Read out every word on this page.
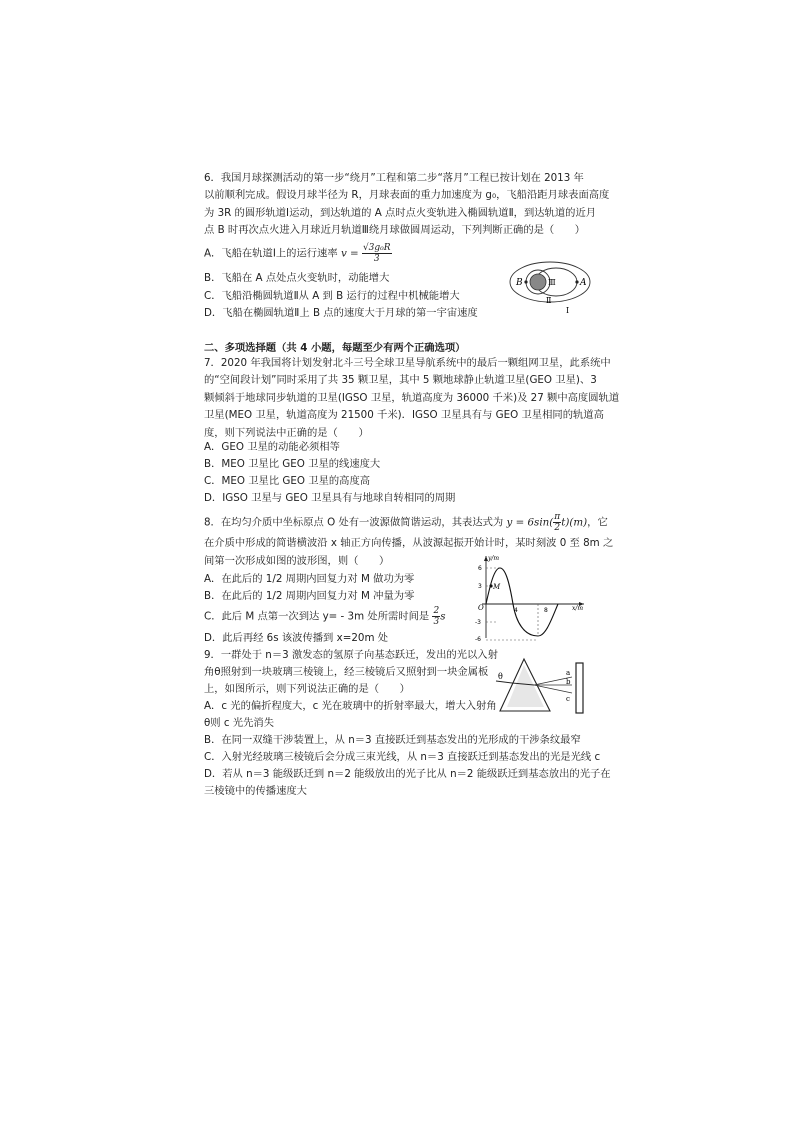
6．我国月球探测活动的第一步“绕月”工程和第二步“落月”工程已按计划在 2013 年
以前顺利完成。假设月球半径为 R，月球表面的重力加速度为 g₀，飞船沿距月球表面高度
为 3R 的圆形轨道Ⅰ运动，到达轨道的 A 点时点火变轨进入椭圆轨道Ⅱ，到达轨道的近月
点 B 时再次点火进入月球近月轨道Ⅲ绕月球做圆周运动，下列判断正确的是（　　）
A．飞船在轨道Ⅰ上的运行速率 $v = \frac{\text{√3g₀R}}{3}$
B．飞船在 A 点处点火变轨时，动能增大
C．飞船沿椭圆轨道Ⅱ从 A 到 B 运行的过程中机械能增大
D．飞船在椭圆轨道Ⅱ上 B 点的速度大于月球的第一宇宙速度
B	A
Ⅲ
Ⅱ
Ⅰ
二、多项选择题（共 4 小题，每题至少有两个正确选项）
7．2020 年我国将计划发射北斗三号全球卫星导航系统中的最后一颗组网卫星，此系统中
的“空间段计划”同时采用了共 35 颗卫星，其中 5 颗地球静止轨道卫星(GEO 卫星)、3
颗倾斜于地球同步轨道的卫星(IGSO 卫星，轨道高度为 36000 千米)及 27 颗中高度圆轨道
卫星(MEO 卫星，轨道高度为 21500 千米)．IGSO 卫星具有与 GEO 卫星相同的轨道高
度，则下列说法中正确的是（　　）
A．GEO 卫星的动能必须相等
B．MEO 卫星比 GEO 卫星的线速度大
C．MEO 卫星比 GEO 卫星的高度高
D．IGSO 卫星与 GEO 卫星具有与地球自转相同的周期
8．在均匀介质中坐标原点 O 处有一波源做简谐运动，其表达式为 $y = 6\sin( \frac{\pi}{2} t)(m)$，它
在介质中形成的简谐横波沿 x 轴正方向传播，从波源起振开始计时，某时刻波 0 至 8m 之
间第一次形成如图的波形图，则（　　）
A．在此后的 1/2 周期内回复力对 M 做功为零
B．在此后的 1/2 周期内回复力对 M 冲量为零
C．此后 M 点第一次到达 y= - 3m 处所需时间是 $\frac{2}{3}$ s
D．此后再经 6s 该波传播到 x=20m 处
M
y/m
x/m
O
6
3
-3
-6
4	8
9．一群处于 n＝3 激发态的氢原子向基态跃迁，发出的光以入射
角θ照射到一块玻璃三棱镜上，经三棱镜后又照射到一块金属板
上，如图所示，则下列说法正确的是（　　）
A．c 光的偏折程度大，c 光在玻璃中的折射率最大，增大入射角
θ则 c 光先消失
B．在同一双缝干涉装置上，从 n＝3 直接跃迁到基态发出的光形成的干涉条纹最窄
C．入射光经玻璃三棱镜后会分成三束光线，从 n＝3 直接跃迁到基态发出的光是光线 c
D．若从 n＝3 能级跃迁到 n＝2 能级放出的光子比从 n＝2 能级跃迁到基态放出的光子在
三棱镜中的传播速度大
θ	a
b
c
